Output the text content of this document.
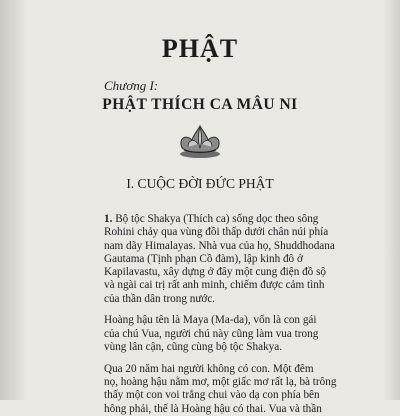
PHẬT
Chương I:
PHẬT THÍCH CA MÂU NI
I. CUỘC ĐỜI ĐỨC PHẬT

1. Bộ tộc Shakya (Thích ca) sống dọc theo sông
Rohini chảy qua vùng đồi thấp dưới chân núi phía
nam dãy Himalayas. Nhà vua của họ, Shuddhodana
Gautama (Tịnh phạn Cồ đàm), lập kinh đô ở
Kapilavastu, xây dựng ở đây một cung điện đồ sộ
và ngài cai trị rất anh minh, chiếm được cảm tình
của thần dân trong nước.

Hoàng hậu tên là Maya (Ma-da), vốn là con gái
của chú Vua, người chú này cũng làm vua trong
vùng lân cận, cũng cùng bộ tộc Shakya.

Qua 20 năm hai người không có con. Một đêm
nọ, hoàng hậu nằm mơ, một giấc mơ rất lạ, bà trông
thấy một con voi trắng chui vào dạ con phía bên
hông phải, thế là Hoàng hậu có thai. Vua và thần
